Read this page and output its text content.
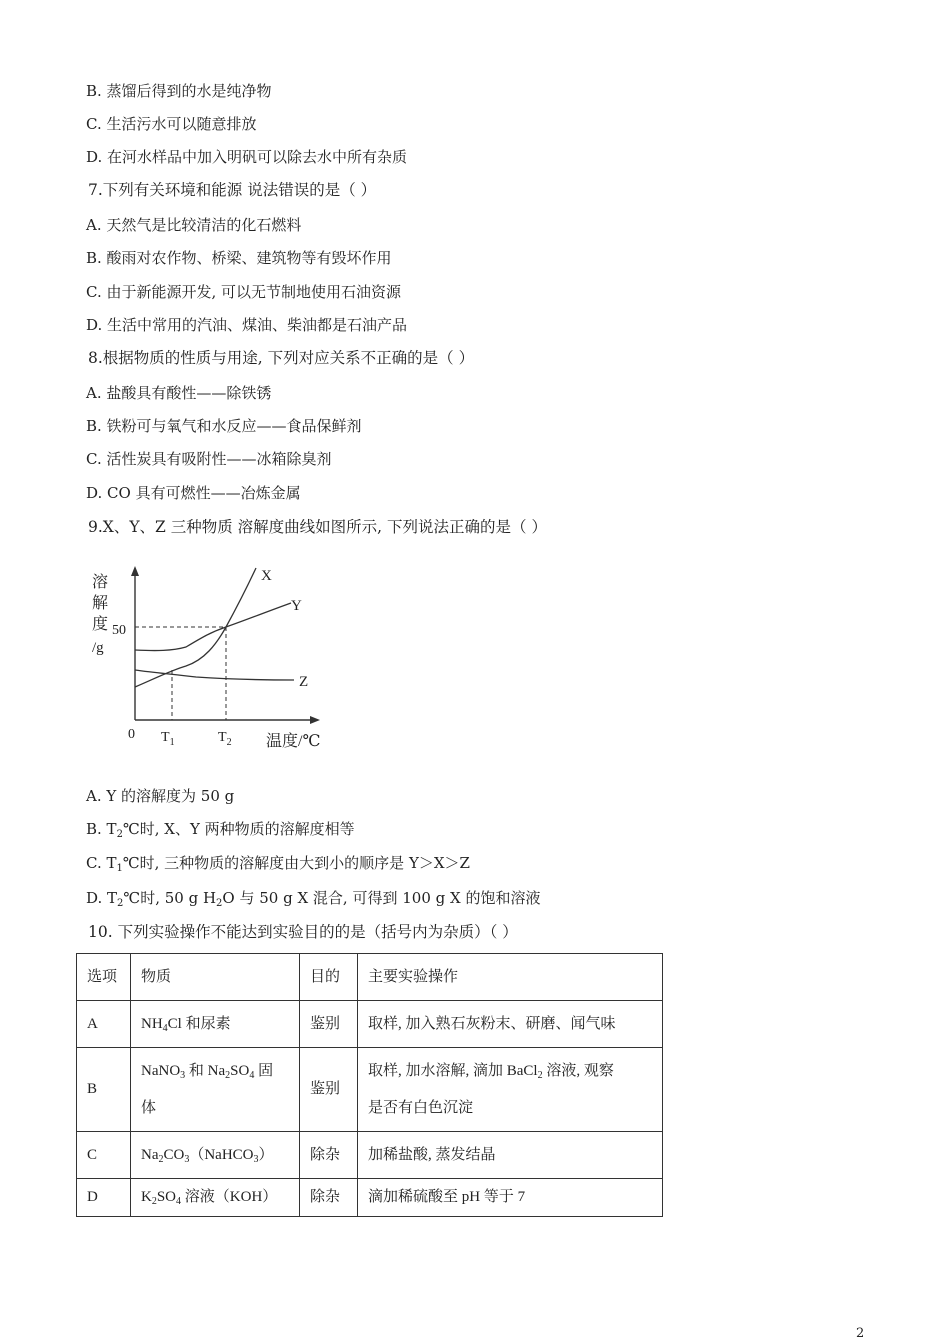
B. 蒸馏后得到的水是纯净物
C. 生活污水可以随意排放
D. 在河水样品中加入明矾可以除去水中所有杂质
7.下列有关环境和能源 说法错误的是（ ）
A. 天然气是比较清洁的化石燃料
B. 酸雨对农作物、桥梁、建筑物等有毁坏作用
C. 由于新能源开发, 可以无节制地使用石油资源
D. 生活中常用的汽油、煤油、柴油都是石油产品
8.根据物质的性质与用途, 下列对应关系不正确的是（ ）
A. 盐酸具有酸性——除铁锈
B. 铁粉可与氧气和水反应——食品保鲜剂
C. 活性炭具有吸附性——冰箱除臭剂
D. CO 具有可燃性——冶炼金属
9.X、Y、Z 三种物质 溶解度曲线如图所示, 下列说法正确的是（ ）
溶
解
度
/g
50
0 $T_1$	$T_2$ 温度/℃
X
Y
Z
A. Y 的溶解度为 50 g
B. $T_2℃$时, X、Y 两种物质的溶解度相等
C. $T_1℃$时, 三种物质的溶解度由大到小的顺序是 Y＞X＞Z
D. $T_2℃$时, 50 g $H_2O$ 与 50 g X 混合, 可得到 100 g X 的饱和溶液
10. 下列实验操作不能达到实验目的的是（括号内为杂质）（ ）
选项	物质	目的	主要实验操作
A	$NH_4Cl$ 和尿素	鉴别	取样, 加入熟石灰粉末、研磨、闻气味
B	NaNO$_3$ 和 $Na_2SO_4$ 固
体	鉴别	取样, 加水溶解, 滴加 BaCl$_2$ 溶液, 观察
是否有白色沉淀
C	$Na_2CO_3(NaHCO_3)$	除杂	加稀盐酸, 蒸发结晶
D	$K_2SO_4$ 溶液（KOH）	除杂	滴加稀硫酸至 pH 等于 7
2
